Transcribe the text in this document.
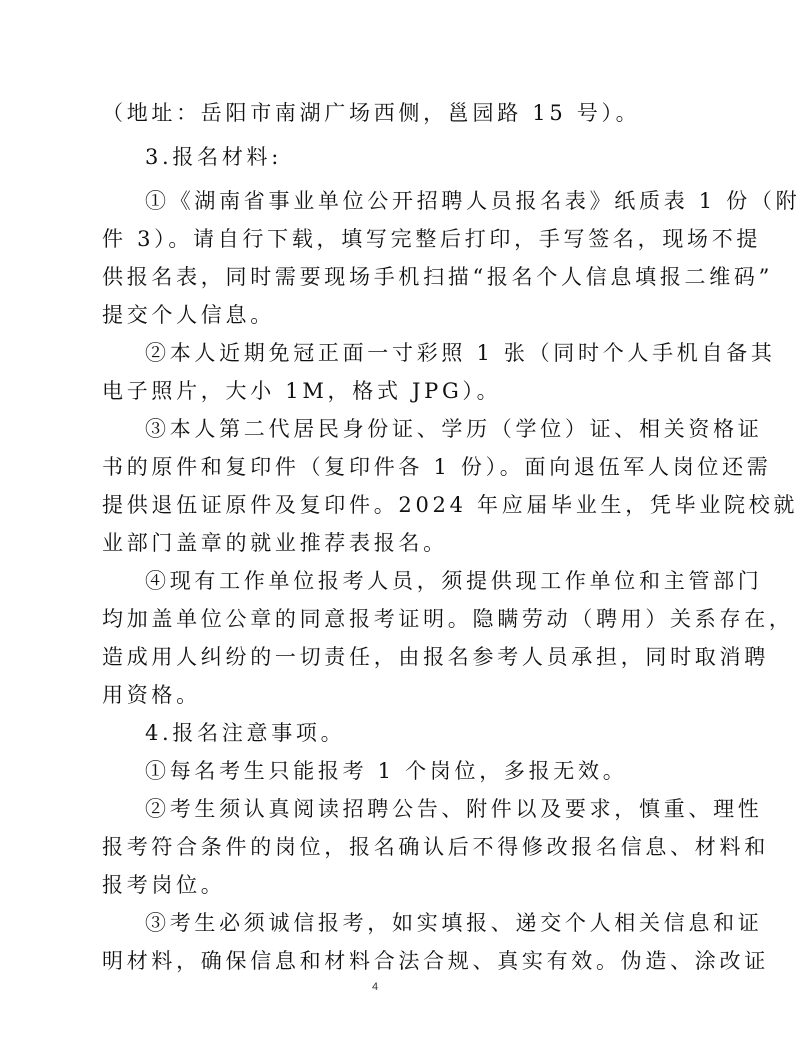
（地址：岳阳市南湖广场西侧，邕园路 15 号）。
3.报名材料:
①《湖南省事业单位公开招聘人员报名表》纸质表 1 份（附
件 3）。请自行下载，填写完整后打印，手写签名，现场不提
供报名表，同时需要现场手机扫描“报名个人信息填报二维码”
提交个人信息。
②本人近期免冠正面一寸彩照 1 张（同时个人手机自备其
电子照片，大小 1M，格式 JPG）。
③本人第二代居民身份证、学历（学位）证、相关资格证
书的原件和复印件（复印件各 1 份）。面向退伍军人岗位还需
提供退伍证原件及复印件。2024 年应届毕业生，凭毕业院校就
业部门盖章的就业推荐表报名。
④现有工作单位报考人员，须提供现工作单位和主管部门
均加盖单位公章的同意报考证明。隐瞒劳动（聘用）关系存在，
造成用人纠纷的一切责任，由报名参考人员承担，同时取消聘
用资格。
4.报名注意事项。
①每名考生只能报考 1 个岗位，多报无效。
②考生须认真阅读招聘公告、附件以及要求，慎重、理性
报考符合条件的岗位，报名确认后不得修改报名信息、材料和
报考岗位。
③考生必须诚信报考，如实填报、递交个人相关信息和证
明材料，确保信息和材料合法合规、真实有效。伪造、涂改证
4
